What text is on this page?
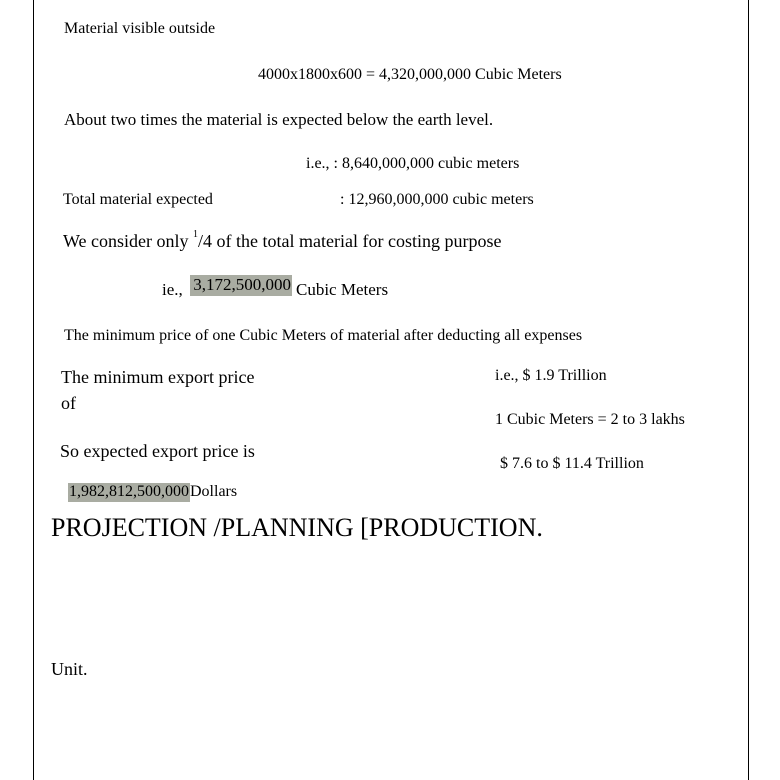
Material visible outside
4000x1800x600 = 4,320,000,000 Cubic Meters
About two times the material is expected below the earth level.
i.e., : 8,640,000,000 cubic meters
Total material expected	: 12,960,000,000 cubic meters
We consider only $^1$/4 of the total material for costing purpose
ie., 3,172,500,000 Cubic Meters
The minimum price of one Cubic Meters of material after deducting all expenses
The minimum export price
of
i.e., $ 1.9 Trillion
1 Cubic Meters = 2 to 3 lakhs
So expected export price is
$ 7.6 to $ 11.4 Trillion
1,982,812,500,000Dollars
PROJECTION /PLANNING [PRODUCTION.
Unit.
